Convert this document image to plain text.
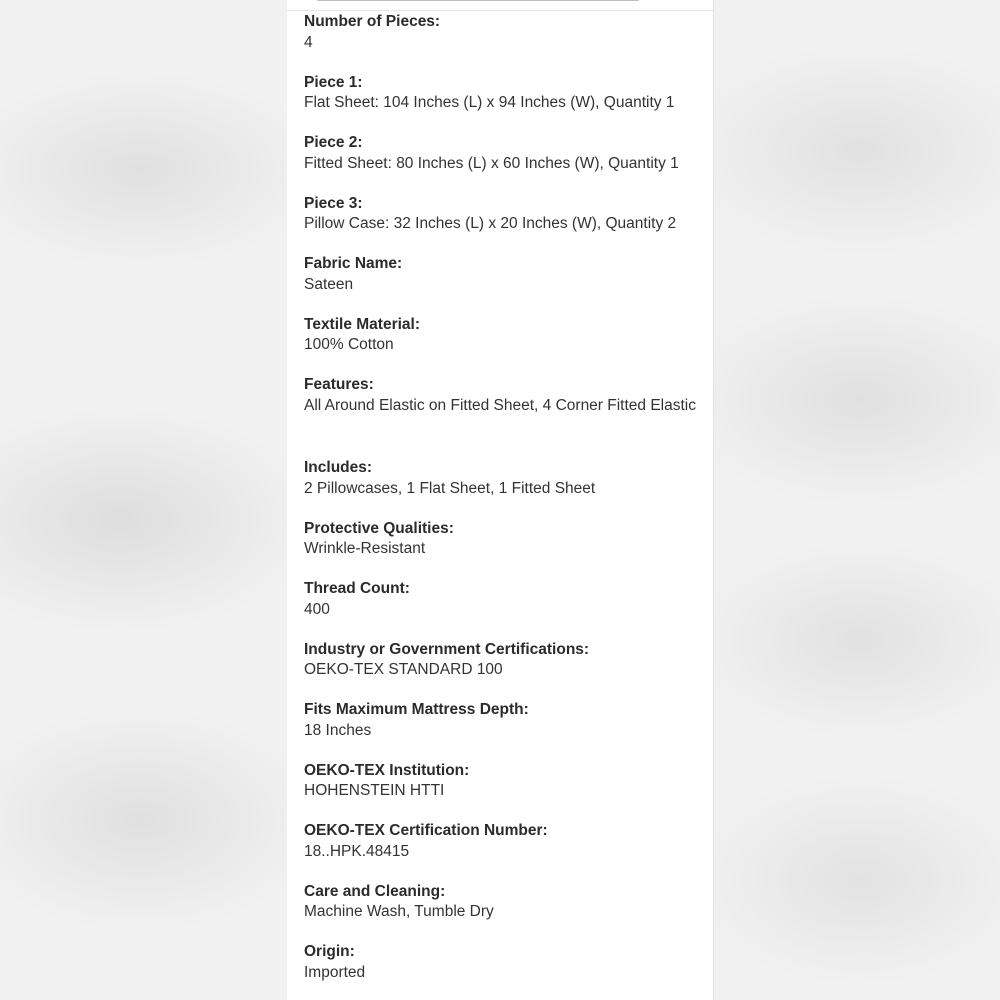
Number of Pieces:
4
Piece 1:
Flat Sheet: 104 Inches (L) x 94 Inches (W), Quantity 1
Piece 2:
Fitted Sheet: 80 Inches (L) x 60 Inches (W), Quantity 1
Piece 3:
Pillow Case: 32 Inches (L) x 20 Inches (W), Quantity 2
Fabric Name:
Sateen
Textile Material:
100% Cotton
Features:
All Around Elastic on Fitted Sheet, 4 Corner Fitted Elastic
Includes:
2 Pillowcases, 1 Flat Sheet, 1 Fitted Sheet
Protective Qualities:
Wrinkle-Resistant
Thread Count:
400
Industry or Government Certifications:
OEKO-TEX STANDARD 100
Fits Maximum Mattress Depth:
18 Inches
OEKO-TEX Institution:
HOHENSTEIN HTTI
OEKO-TEX Certification Number:
18..HPK.48415
Care and Cleaning:
Machine Wash, Tumble Dry
Origin:
Imported
